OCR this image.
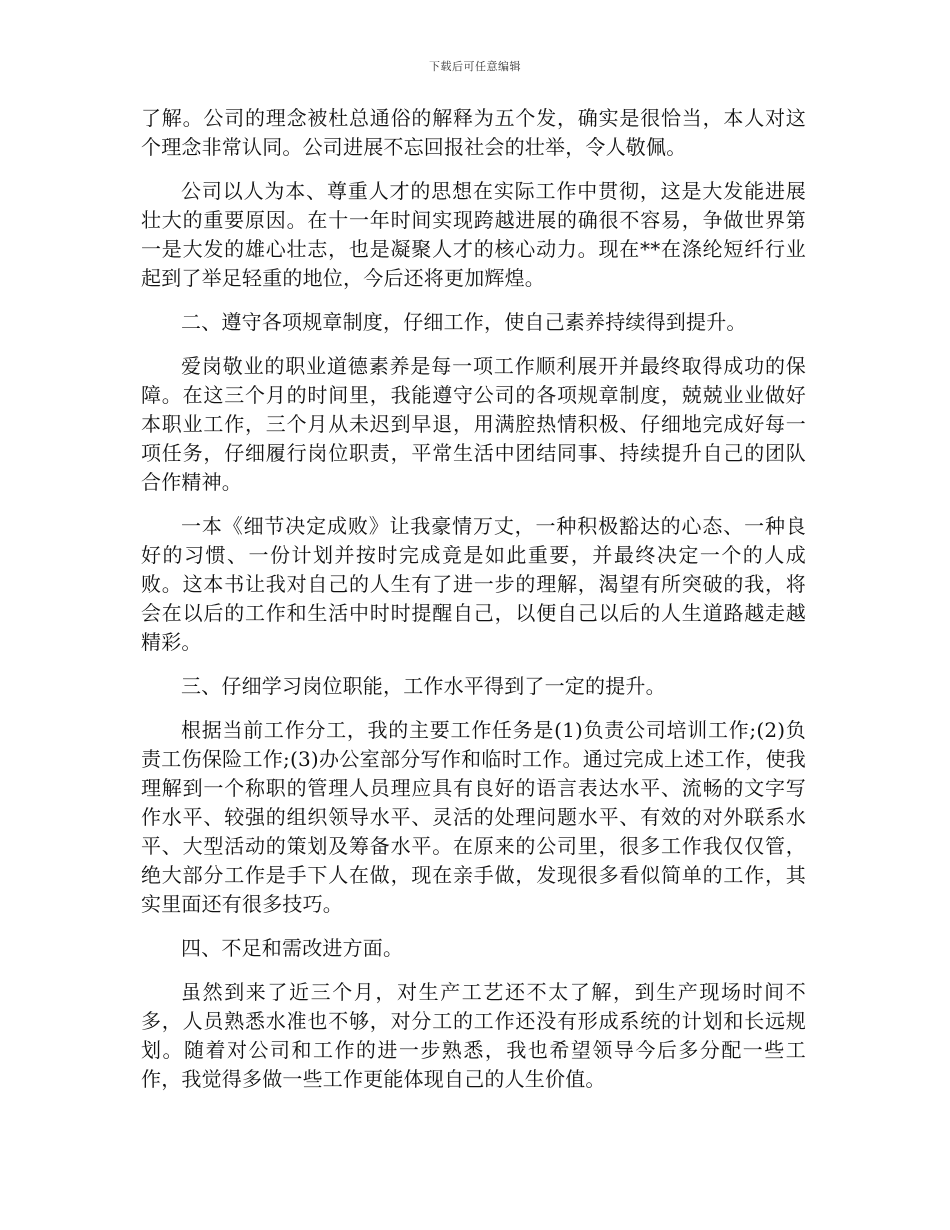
下载后可任意编辑

了解。公司的理念被杜总通俗的解释为五个发，确实是很恰当，本人对这个理念非常认同。公司进展不忘回报社会的壮举，令人敬佩。

公司以人为本、尊重人才的思想在实际工作中贯彻，这是大发能进展壮大的重要原因。在十一年时间实现跨越进展的确很不容易，争做世界第一是大发的雄心壮志，也是凝聚人才的核心动力。现在**在涤纶短纤行业起到了举足轻重的地位，今后还将更加辉煌。

二、遵守各项规章制度，仔细工作，使自己素养持续得到提升。

爱岗敬业的职业道德素养是每一项工作顺利展开并最终取得成功的保障。在这三个月的时间里，我能遵守公司的各项规章制度，兢兢业业做好本职业工作，三个月从未迟到早退，用满腔热情积极、仔细地完成好每一项任务，仔细履行岗位职责，平常生活中团结同事、持续提升自己的团队合作精神。

一本《细节决定成败》让我豪情万丈，一种积极豁达的心态、一种良好的习惯、一份计划并按时完成竟是如此重要，并最终决定一个的人成败。这本书让我对自己的人生有了进一步的理解，渴望有所突破的我，将会在以后的工作和生活中时时提醒自己，以便自己以后的人生道路越走越精彩。

三、仔细学习岗位职能，工作水平得到了一定的提升。

根据当前工作分工，我的主要工作任务是(1)负责公司培训工作;(2)负责工伤保险工作;(3)办公室部分写作和临时工作。通过完成上述工作，使我理解到一个称职的管理人员理应具有良好的语言表达水平、流畅的文字写作水平、较强的组织领导水平、灵活的处理问题水平、有效的对外联系水平、大型活动的策划及筹备水平。在原来的公司里，很多工作我仅仅管，绝大部分工作是手下人在做，现在亲手做，发现很多看似简单的工作，其实里面还有很多技巧。

四、不足和需改进方面。

虽然到来了近三个月，对生产工艺还不太了解，到生产现场时间不多，人员熟悉水准也不够，对分工的工作还没有形成系统的计划和长远规划。随着对公司和工作的进一步熟悉，我也希望领导今后多分配一些工作，我觉得多做一些工作更能体现自己的人生价值。
